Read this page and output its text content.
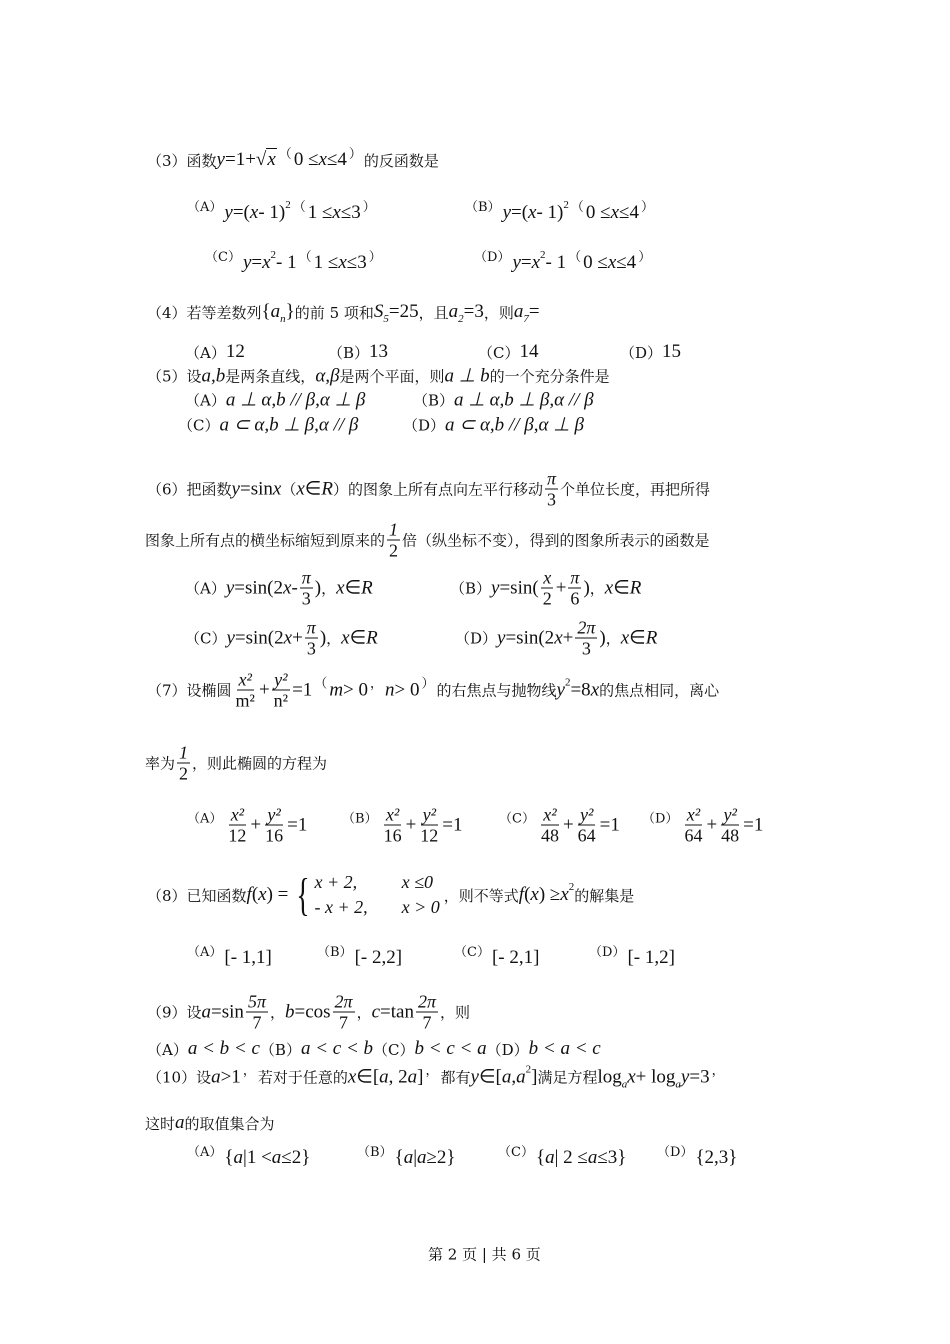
（3）函数 y =1+ √x （ 0 ≤ x ≤4 ） 的反函数是
（A） y =( x - 1) 2 （ 1 ≤ x ≤3 ）	（B） y =( x - 1) 2 （ 0 ≤ x ≤4 ）
（C） y = x 2 - 1 （ 1 ≤ x ≤3 ）	（D） y = x 2 - 1 （ 0 ≤ x ≤4 ）
（4）若等差数列 { a n } 的前 5 项和 S 5 =25 ，且 a 2 =3 ，则 a 7 =
（A） 12	（B） 13	（C） 14	（D） 15
（5）设 a,b 是两条直线， α,β 是两个平面，则 a ⊥ b 的一个充分条件是
（A） a ⊥ α,b // β,α ⊥ β	（B） a ⊥ α,b ⊥ β,α // β
（C） a ⊂ α,b ⊥ β,α // β	（D） a ⊂ α,b // β,α ⊥ β
（6）把函数 y =sin x （ x ∈ R ）的图象上所有点向左平行移动 $\frac{\pi}{3}$ 个单位长度，再把所得
图象上所有点的横坐标缩短到原来的 $\frac{1}{2}$ 倍（纵坐标不变），得到的图象所表示的函数是
（A） y =sin(2 x - $\frac{\pi}{3}$ ) ， x ∈ R	（B） $y =\sin( \frac{x}{2} + \frac{\pi}{6}$ ) ， x ∈ R
（C） y =sin(2 $x + \frac{\pi}{3}$ ) ， x ∈ R	（D） y =sin(2 $x + \frac{2\pi}{3}$ ) ， x ∈ R
（7）设椭圆 $\frac{\text{x²}}{\text{m²}} + \frac{\text{y²}}{\text{n²}} =1$ （ m > 0 ， n > 0 ） 的右焦点与抛物线 y 2 =8 x 的焦点相同，离心
率为 $\frac{1}{2}$ ，则此椭圆的方程为
$(A) \frac{\text{x²}}{12} + \frac{\text{y²}}{16} =1$	$(B) \frac{\text{x²}}{16} + \frac{\text{y²}}{12} =1$	$(C) \frac{\text{x²}}{48} + \frac{\text{y²}}{64} =1$ $(D) \frac{\text{x²}}{64} + \frac{\text{y²}}{48} =1$
（8）已知函数 f ( x ) = { x + 2,	x ≤0
- x + 2, x > 0
，则不等式 f ( x ) ≥ x 2 的解集是
（A） [- 1,1]	（B） [- 2,2]	（C） [- 2,1]	（D） [- 1,2]
（9）设 $a =\sin \frac{5\pi}{7}$ ， $b =\cos \frac{2\pi}{7}$ ， $c =\tan \frac{2\pi}{7}$ ，则
（A） a < b < c （B） a < c < b （C） b < c < a （D） b < a < c
（10）设 a >1 ， 若对于任意的 x ∈[ a , 2 a ] ， 都有 y ∈[ a , a 2 ] 满足方程 log a x + log a y =3 ，
这时 a 的取值集合为
（A） { a |1 < a ≤2}	（B） { a | a ≥2}	（C） { a | 2 ≤ a ≤3} （D） {2,3}
第 2 页 | 共 6 页
